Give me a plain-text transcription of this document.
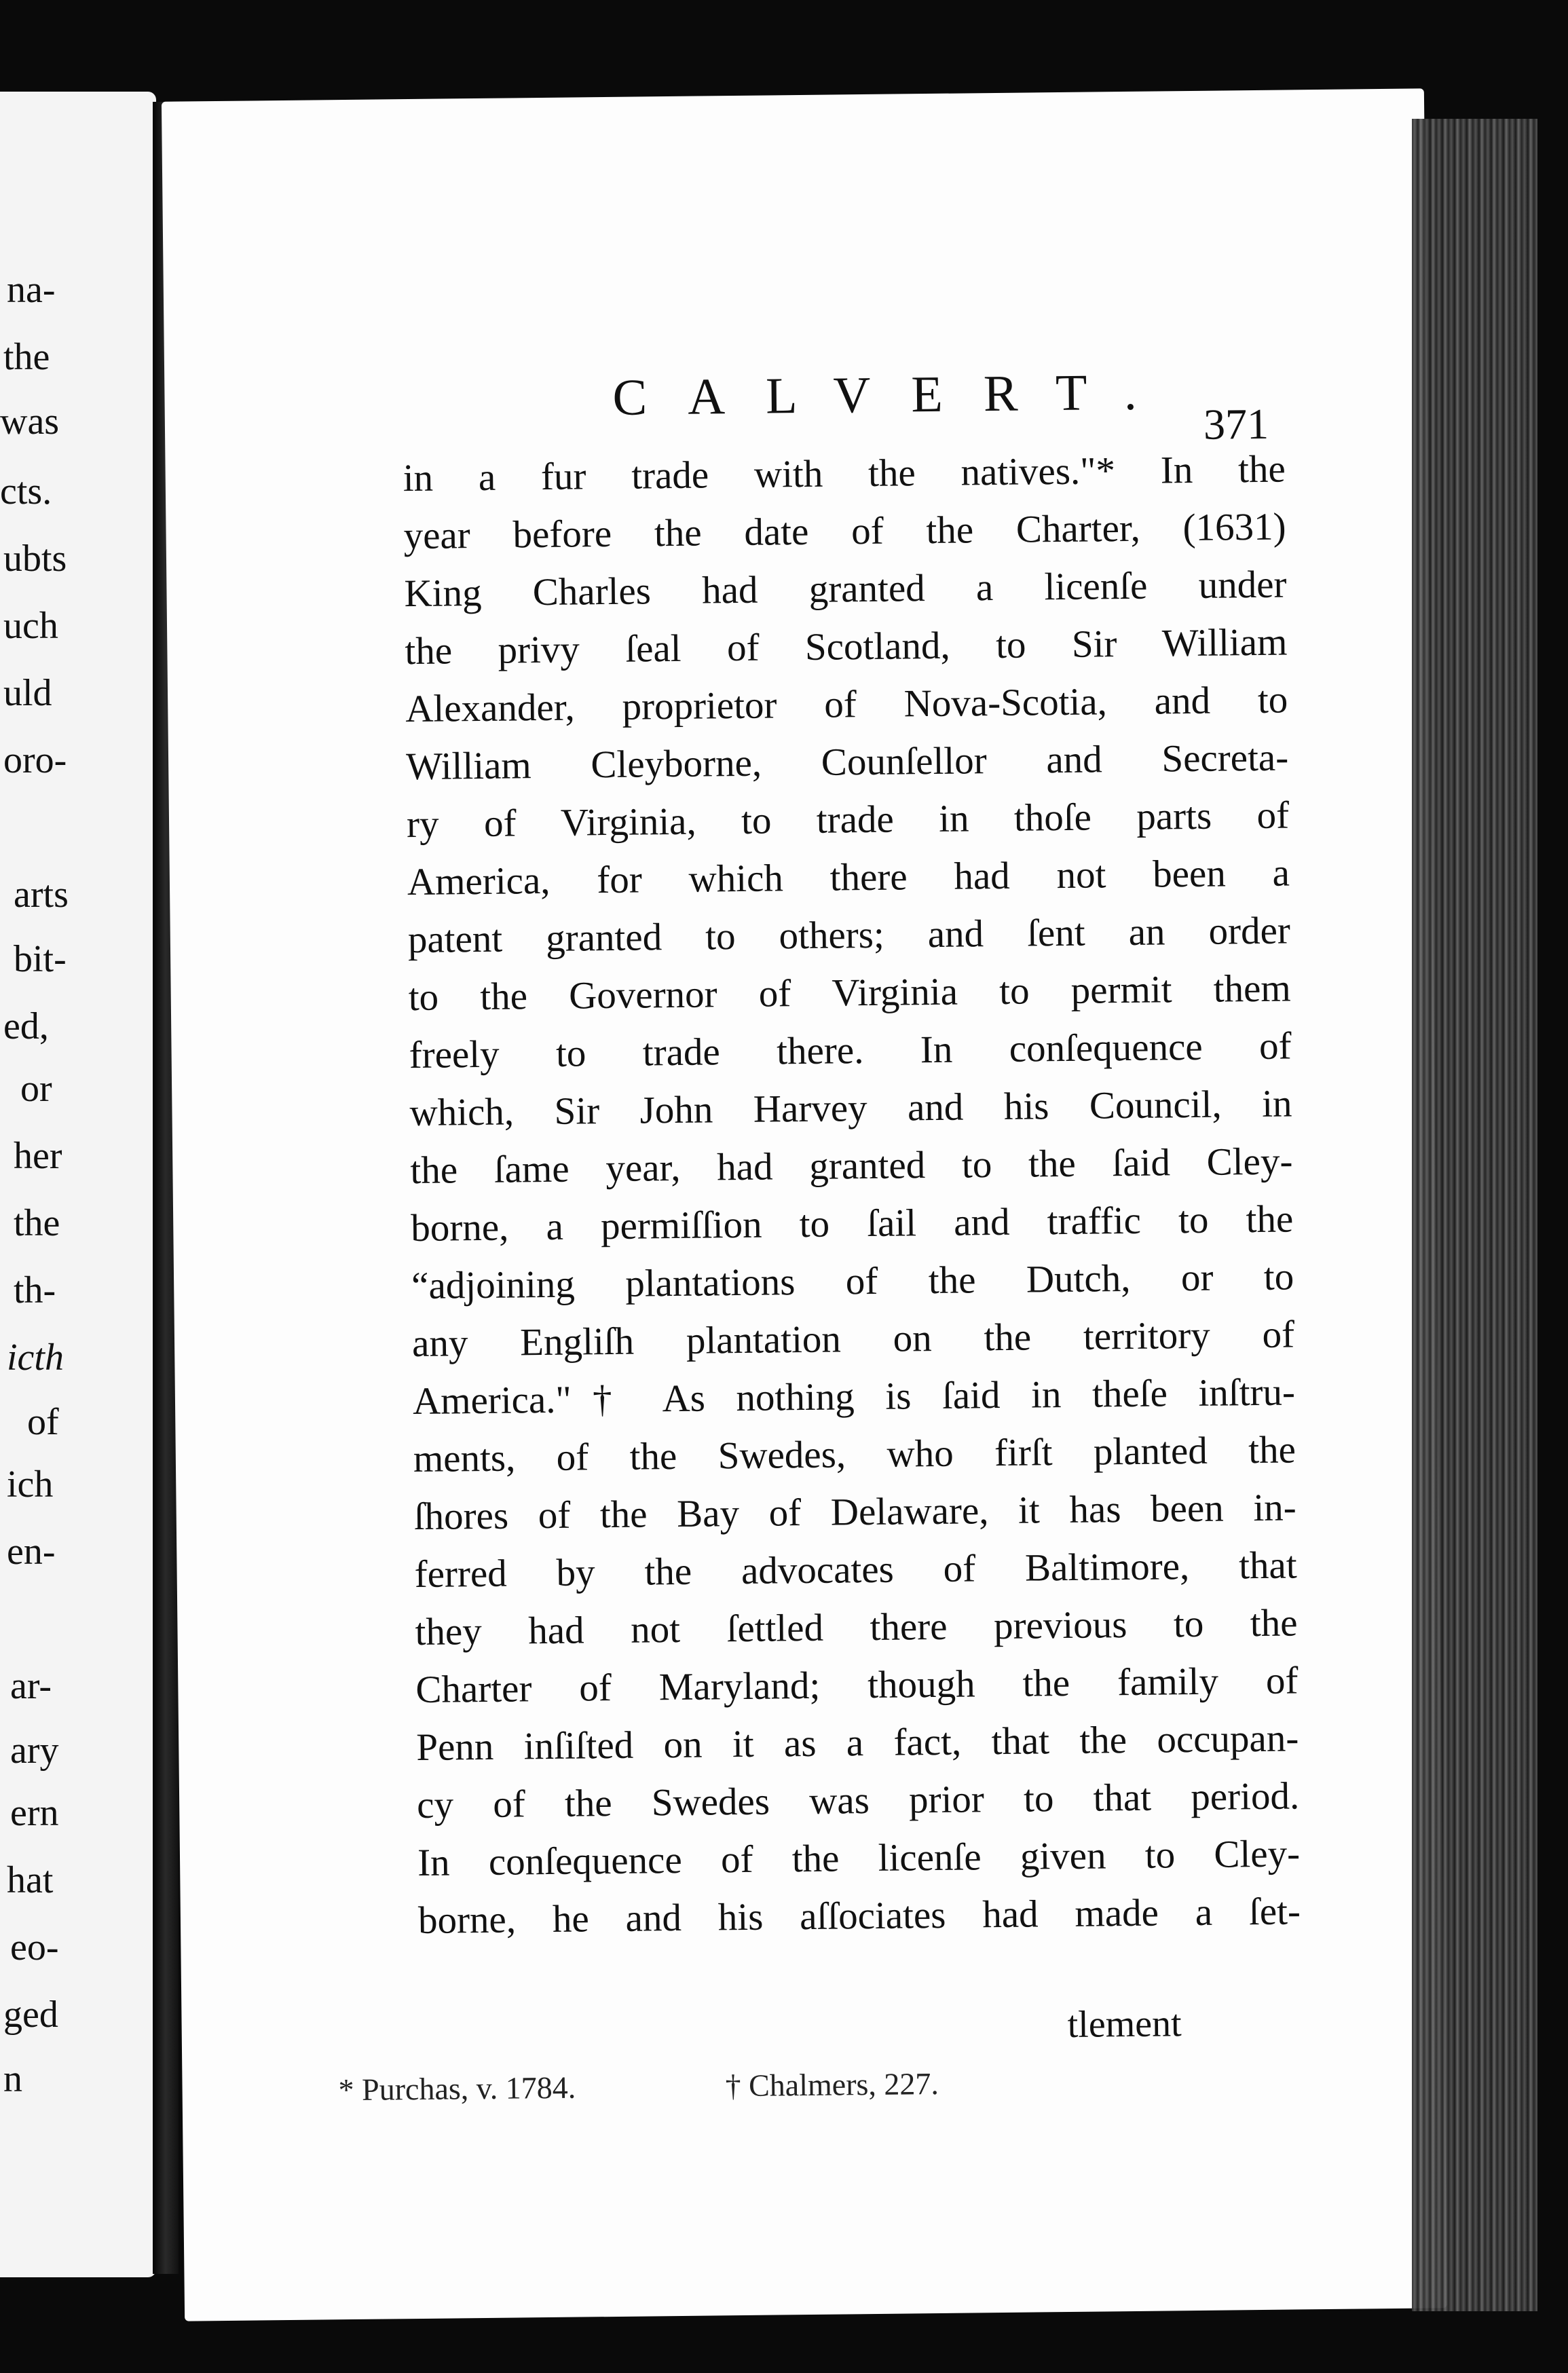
na-
the
was
cts.
ubts
uch
uld
oro-
arts
bit-
ed,
or
her
the
th-
icth
of
ich
en-
ar-
ary
ern
hat
eo-
ged
n
CALVERT. 371
in a fur trade with the natives."* In the
year before the date of the Charter, (1631)
King Charles had granted a licenſe under
the privy ſeal of Scotland, to Sir William
Alexander, proprietor of Nova-Scotia, and to
William Cleyborne, Counſellor and Secreta-
ry of Virginia, to trade in thoſe parts of
America, for which there had not been a
patent granted to others; and ſent an order
to the Governor of Virginia to permit them
freely to trade there. In conſequence of
which, Sir John Harvey and his Council, in
the ſame year, had granted to the ſaid Cley-
borne, a permiſſion to ſail and traffic to the
“adjoining plantations of the Dutch, or to
any Engliſh plantation on the territory of
America."† As nothing is ſaid in theſe inſtru-
ments, of the Swedes, who firſt planted the
ſhores of the Bay of Delaware, it has been in-
ferred by the advocates of Baltimore, that
they had not ſettled there previous to the
Charter of Maryland; though the family of
Penn inſiſted on it as a fact, that the occupan-
cy of the Swedes was prior to that period.
In conſequence of the licenſe given to Cley-
borne, he and his aſſociates had made a ſet-
tlement
* Purchas, v. 1784.	† Chalmers, 227.
